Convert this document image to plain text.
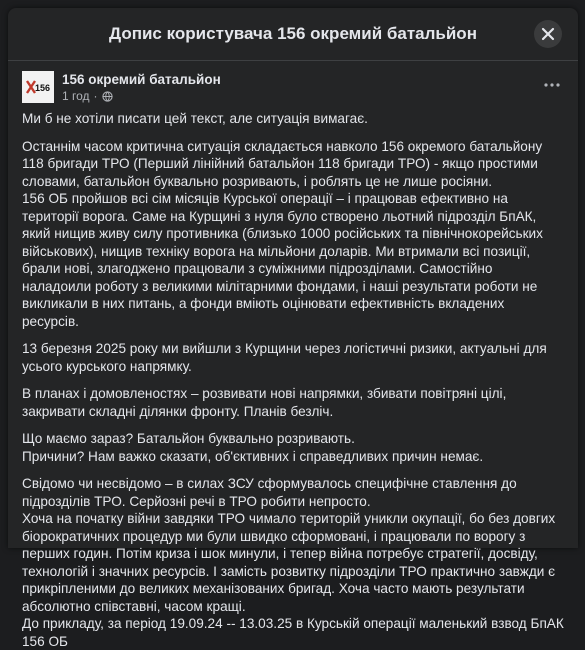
Допис користувача 156 окремий батальйон
156
156 окремий батальйон
1 год ·

Ми б не хотіли писати цей текст, але ситуація вимагає.

Останнім часом критична ситуація складається навколо 156 окремого батальйону 118 бригади ТРО (Перший лінійний батальйон 118 бригади ТРО) - якщо простими словами, батальйон буквально розривають, і роблять це не лише росіяни.

156 ОБ пройшов всі сім місяців Курської операції – і працював ефективно на території ворога. Саме на Курщині з нуля було створено льотний підрозділ БпАК, який нищив живу силу противника (близько 1000 російських та північнокорейських військових), нищив техніку ворога на мільйони доларів. Ми втримали всі позиції, брали нові, злагоджено працювали з суміжними підрозділами. Самостійно наладоили роботу з великими мілітарними фондами, і наші результати роботи не викликали в них питань, а фонди вміють оцінювати ефективність вкладених ресурсів.

13 березня 2025 року ми вийшли з Курщини через логістичні ризики, актуальні для усього курського напрямку.

В планах і домовленостях – розвивати нові напрямки, збивати повітряні цілі, закривати складні ділянки фронту. Планів безліч.

Що маємо зараз? Батальйон буквально розривають.

Причини? Нам важко сказати, об'єктивних і справедливих причин немає.

Свідомо чи несвідомо – в силах ЗСУ сформувалось специфічне ставлення до підрозділів ТРО. Серйозні речі в ТРО робити непросто.

Хоча на початку війни завдяки ТРО чимало територій уникли окупації, бо без довгих біорократичних процедур ми були швидко сформовані, і працювали по ворогу з перших годин. Потім криза і шок минули, і тепер війна потребує стратегії, досвіду, технологій і значних ресурсів. І замість розвитку підрозділи ТРО практично завжди є прикріпленими до великих механізованих бригад. Хоча часто мають результати абсолютно співставні, часом кращі.

До прикладу, за період 19.09.24 -- 13.03.25 в Курській операції маленький взвод БпАК 156 ОБ
